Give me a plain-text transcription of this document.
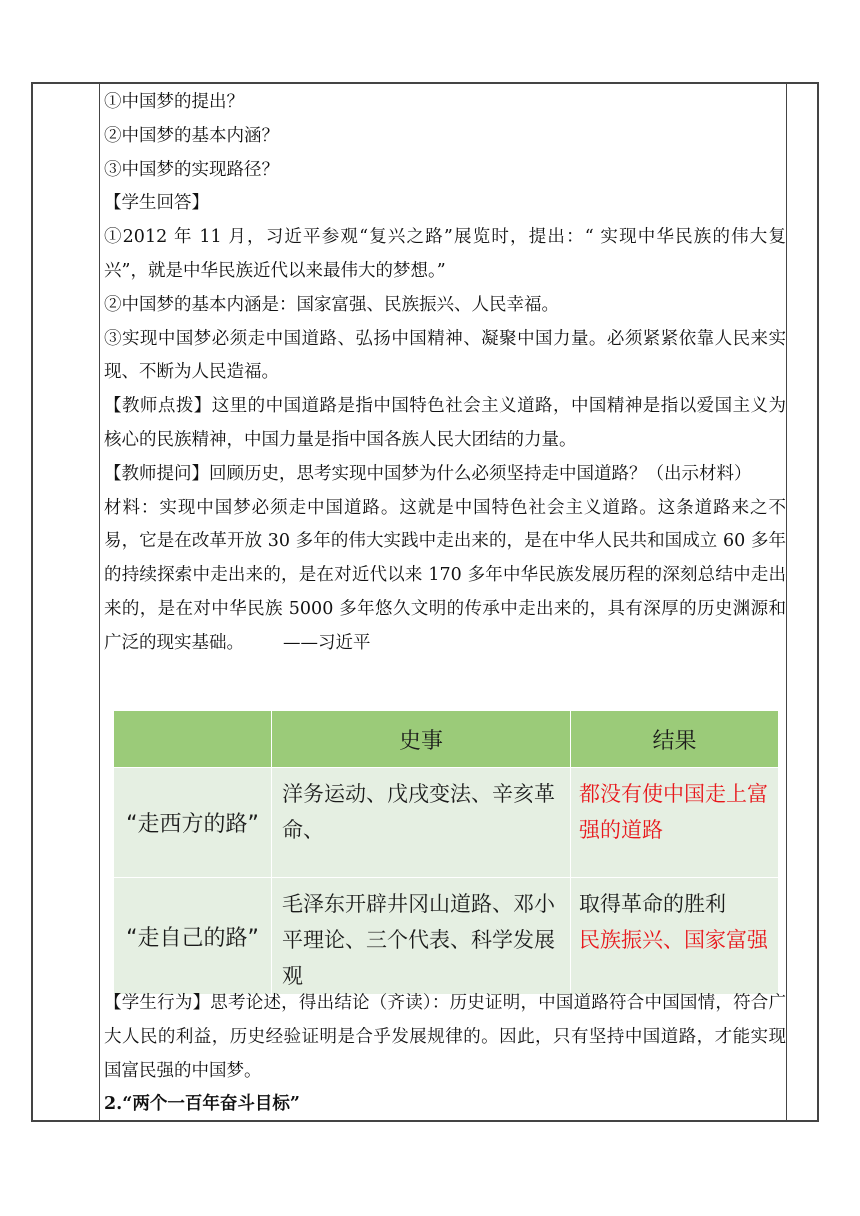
①中国梦的提出？

②中国梦的基本内涵？

③中国梦的实现路径？

【学生回答】

①2012 年 11 月，习近平参观“复兴之路”展览时，提出：“ 实现中华民族的伟大复兴”，就是中华民族近代以来最伟大的梦想。”

②中国梦的基本内涵是：国家富强、民族振兴、人民幸福。

③实现中国梦必须走中国道路、弘扬中国精神、凝聚中国力量。必须紧紧依靠人民来实现、不断为人民造福。

【教师点拨】这里的中国道路是指中国特色社会主义道路，中国精神是指以爱国主义为核心的民族精神，中国力量是指中国各族人民大团结的力量。

【教师提问】回顾历史，思考实现中国梦为什么必须坚持走中国道路？（出示材料）

材料：实现中国梦必须走中国道路。这就是中国特色社会主义道路。这条道路来之不易，它是在改革开放 30 多年的伟大实践中走出来的，是在中华人民共和国成立 60 多年的持续探索中走出来的，是在对近代以来 170 多年中华民族发展历程的深刻总结中走出来的，是在对中华民族 5000 多年悠久文明的传承中走出来的，具有深厚的历史渊源和广泛的现实基础。 ——习近平

	史事	结果
“走西方的路”	洋务运动、戊戌变法、辛亥革命、	都没有使中国走上富强的道路

“走自己的路”	毛泽东开辟井冈山道路、邓小平理论、三个代表、科学发展观	取得革命的胜利
民族振兴、国家富强

【学生行为】思考论述，得出结论（齐读）：历史证明，中国道路符合中国国情，符合广大人民的利益，历史经验证明是合乎发展规律的。因此，只有坚持中国道路，才能实现国富民强的中国梦。

2.“两个一百年奋斗目标”
